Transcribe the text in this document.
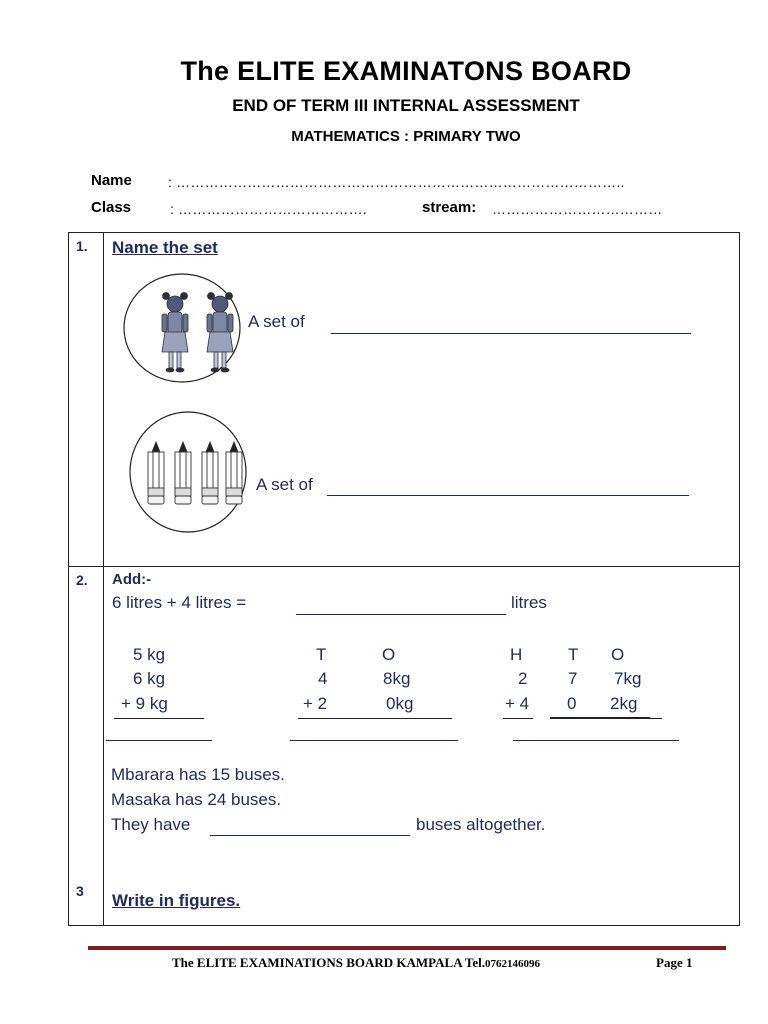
The ELITE EXAMINATONS BOARD
END OF TERM III INTERNAL ASSESSMENT
MATHEMATICS : PRIMARY TWO
Name	: …………………………………………………………………………………..
Class	: ………………………………….	stream: ………………………………
1. Name the set
A set of
A set of
2. Add:-
6 litres + 4 litres =	litres
5 kg
6 kg
+ 9 kg
T	O
4	8kg
+ 2	0kg
H	T O
2 7 7kg
+ 4 0 2kg
Mbarara has 15 buses.
Masaka has 24 buses.
They have	buses altogether.
3 Write in figures.
The ELITE EXAMINATIONS BOARD KAMPALA Tel.0762146096	Page 1
